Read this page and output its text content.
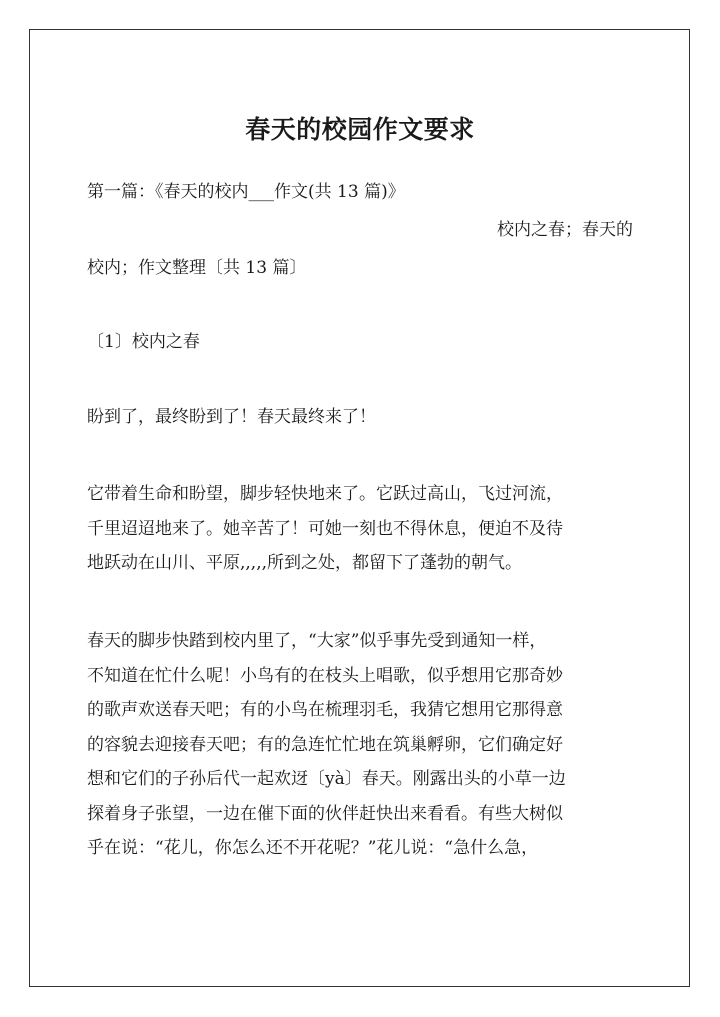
春天的校园作文要求
第一篇：《春天的校内___作文(共 13 篇)》
校内之春；春天的
校内；作文整理〔共 13 篇〕
〔1〕校内之春
盼到了，最终盼到了！春天最终来了！
它带着生命和盼望，脚步轻快地来了。它跃过高山，飞过河流，
千里迢迢地来了。她辛苦了！可她一刻也不得休息，便迫不及待
地跃动在山川、平原,,,,,所到之处，都留下了蓬勃的朝气。
春天的脚步快踏到校内里了，“大家”似乎事先受到通知一样，
不知道在忙什么呢！小鸟有的在枝头上唱歌，似乎想用它那奇妙
的歌声欢送春天吧；有的小鸟在梳理羽毛，我猜它想用它那得意
的容貌去迎接春天吧；有的急连忙忙地在筑巢孵卵，它们确定好
想和它们的子孙后代一起欢迓〔yà〕春天。刚露出头的小草一边
探着身子张望，一边在催下面的伙伴赶快出来看看。有些大树似
乎在说：“花儿，你怎么还不开花呢？”花儿说：“急什么急，
